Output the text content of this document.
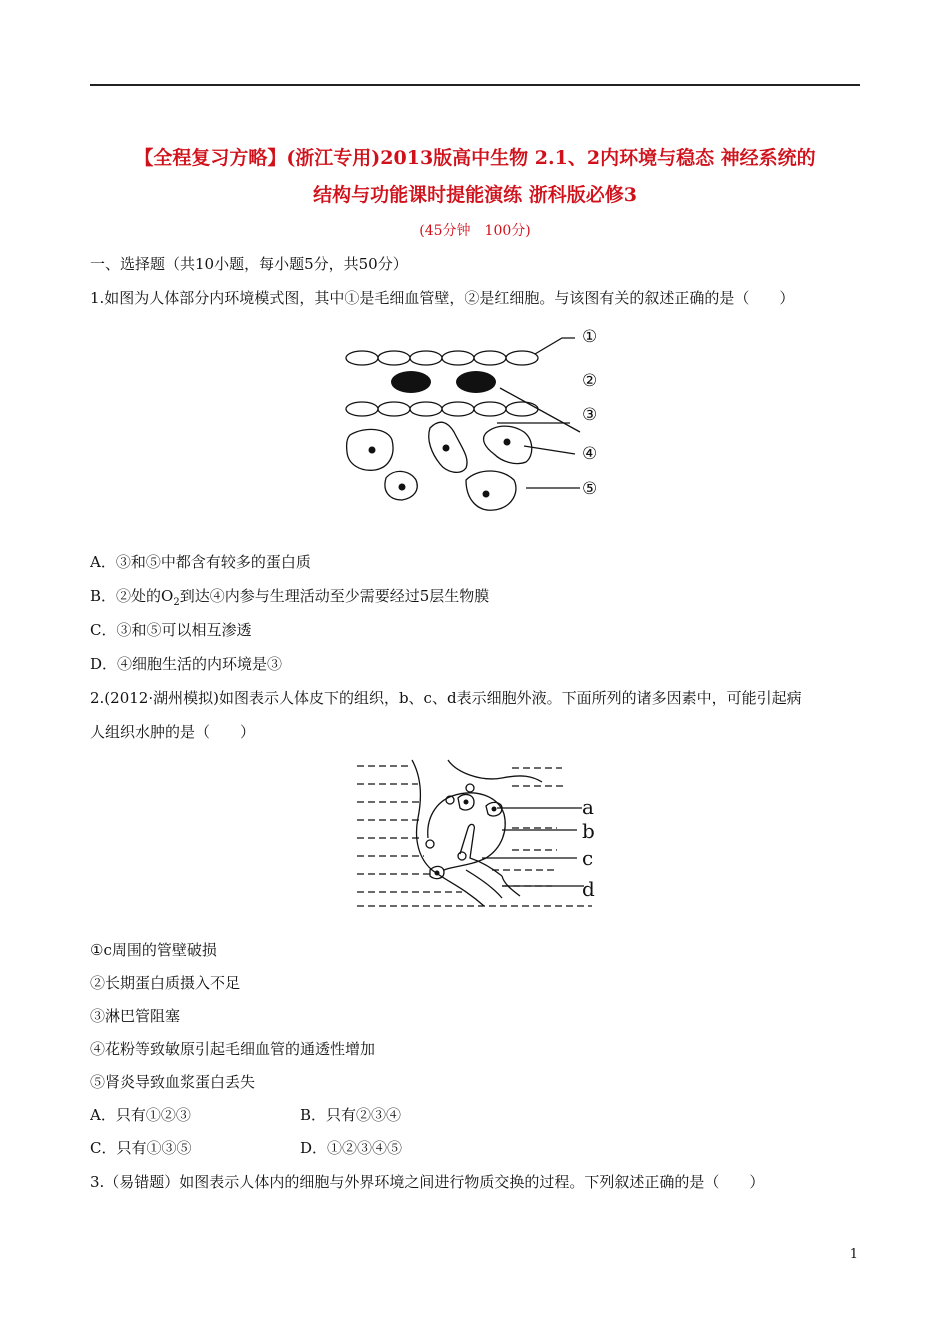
【全程复习方略】(浙江专用)2013版高中生物 2.1、2内环境与稳态 神经系统的
结构与功能课时提能演练 浙科版必修3
(45分钟　100分)
一、选择题（共10小题，每小题5分，共50分）
1.如图为人体部分内环境模式图，其中①是毛细血管壁，②是红细胞。与该图有关的叙述正确的是（　　）
①
②
③
④
⑤
A．③和⑤中都含有较多的蛋白质
B．②处的$O_2$到达④内参与生理活动至少需要经过5层生物膜
C．③和⑤可以相互渗透
D．④细胞生活的内环境是③
2.(2012·湖州模拟)如图表示人体皮下的组织，b、c、d表示细胞外液。下面所列的诸多因素中，可能引起病
人组织水肿的是（　　）
a
b
c
d
①c周围的管壁破损
②长期蛋白质摄入不足
③淋巴管阻塞
④花粉等致敏原引起毛细血管的通透性增加
⑤肾炎导致血浆蛋白丢失
A．只有①②③	B．只有②③④
C．只有①③⑤	D．①②③④⑤
3.（易错题）如图表示人体内的细胞与外界环境之间进行物质交换的过程。下列叙述正确的是（　　）
1
